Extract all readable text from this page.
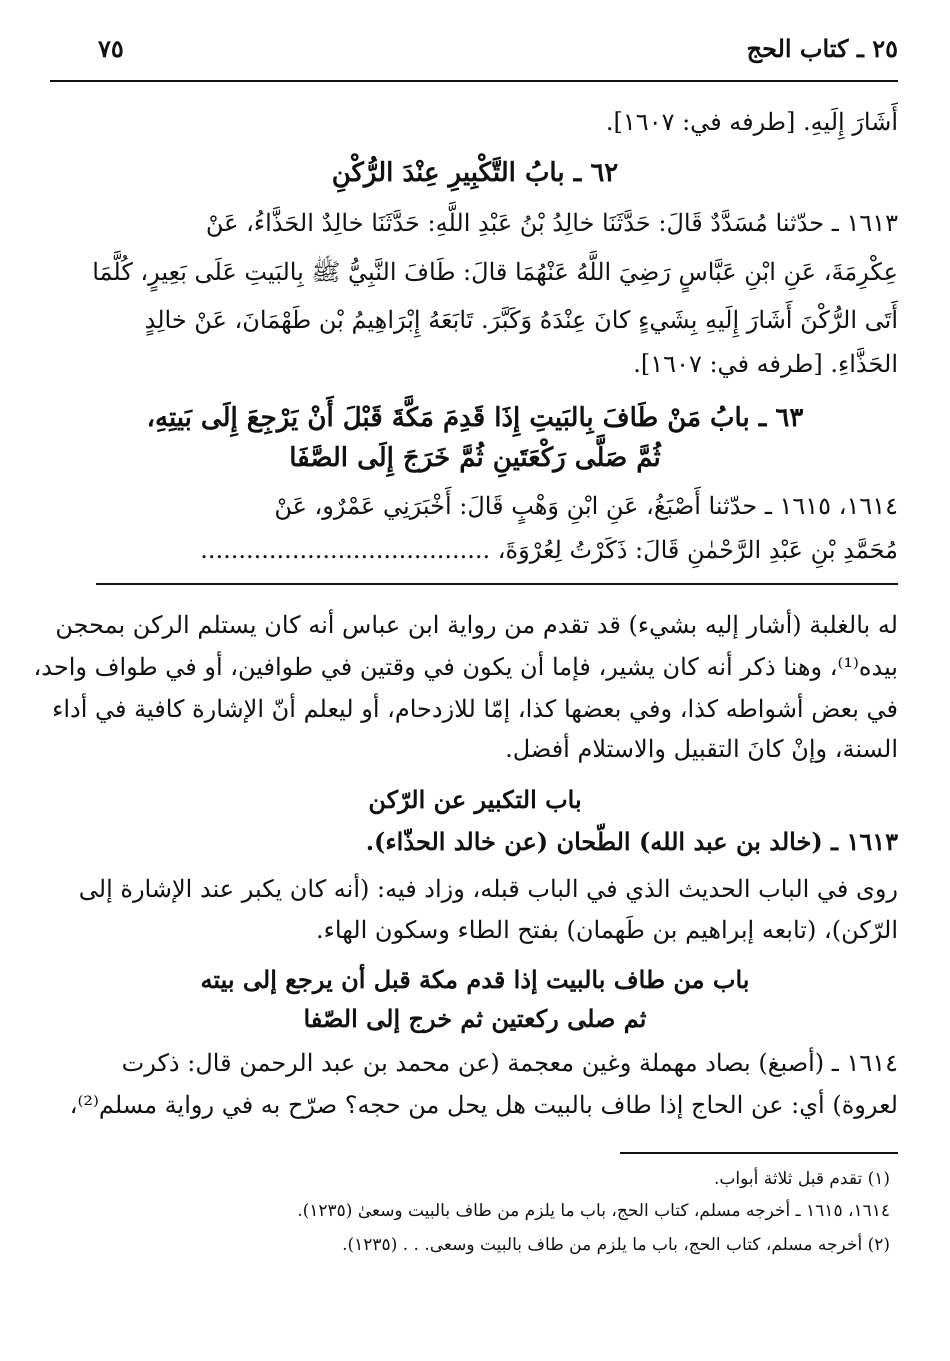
٢٥ ـ كتاب الحج
٧٥
أَشَارَ إِلَيهِ. [طرفه في: ١٦٠٧].
٦٢ ـ بابُ التَّكْبِيرِ عِنْدَ الرُّكْنِ
١٦١٣ ـ حدّثنا مُسَدَّدٌ قَالَ: حَدَّثَنَا خالِدُ بْنُ عَبْدِ اللَّهِ: حَدَّثَنَا خالِدٌ الحَذَّاءُ، عَنْ
عِكْرِمَةَ، عَنِ ابْنِ عَبَّاسٍ رَضِيَ اللَّهُ عَنْهُمَا قالَ: طَافَ النَّبِيُّ ﷺ بِالبَيتِ عَلَى بَعِيرٍ، كُلَّمَا
أَتَى الرُّكْنَ أَشَارَ إِلَيهِ بِشَيءٍ كانَ عِنْدَهُ وَكَبَّرَ. تَابَعَهُ إِبْرَاهِيمُ بْن طَهْمَانَ، عَنْ خالِدٍ
الحَذَّاءِ. [طرفه في: ١٦٠٧].
٦٣ ـ بابُ مَنْ طَافَ بِالبَيتِ إِذَا قَدِمَ مَكَّةَ قَبْلَ أَنْ يَرْجِعَ إِلَى بَيتِهِ،
ثُمَّ صَلَّى رَكْعَتَينِ ثُمَّ خَرَجَ إِلَى الصَّفَا
١٦١٤، ١٦١٥ ـ حدّثنا أَصْبَغُ، عَنِ ابْنِ وَهْبٍ قَالَ: أَخْبَرَنِي عَمْرٌو، عَنْ
مُحَمَّدِ بْنِ عَبْدِ الرَّحْمٰنِ قَالَ: ذَكَرْتُ لِعُرْوَةَ، ......................................
له بالغلبة (أشار إليه بشيء) قد تقدم من رواية ابن عباس أنه كان يستلم الركن بمحجن
بيده⁽¹⁾، وهنا ذكر أنه كان يشير، فإما أن يكون في وقتين في طوافين، أو في طواف واحد،
في بعض أشواطه كذا، وفي بعضها كذا، إمّا للازدحام، أو ليعلم أنّ الإشارة كافية في أداء
السنة، وإنْ كانَ التقبيل والاستلام أفضل.
باب التكبير عن الرّكن
١٦١٣ ـ (خالد بن عبد الله) الطّحان (عن خالد الحذّاء).
روى في الباب الحديث الذي في الباب قبله، وزاد فيه: (أنه كان يكبر عند الإشارة إلى
الرّكن)، (تابعه إبراهيم بن طَهمان) بفتح الطاء وسكون الهاء.
باب من طاف بالبيت إذا قدم مكة قبل أن يرجع إلى بيته
ثم صلى ركعتين ثم خرج إلى الصّفا
١٦١٤ ـ (أصبغ) بصاد مهملة وغين معجمة (عن محمد بن عبد الرحمن قال: ذكرت
لعروة) أي: عن الحاج إذا طاف بالبيت هل يحل من حجه؟ صرّح به في رواية مسلم⁽²⁾،
(١) تقدم قبل ثلاثة أبواب.
١٦١٤، ١٦١٥ ـ أخرجه مسلم، كتاب الحج، باب ما يلزم من طاف بالبيت وسعىٰ (١٢٣٥).
(٢) أخرجه مسلم، كتاب الحج، باب ما يلزم من طاف بالبيت وسعى. . . (١٢٣٥).
